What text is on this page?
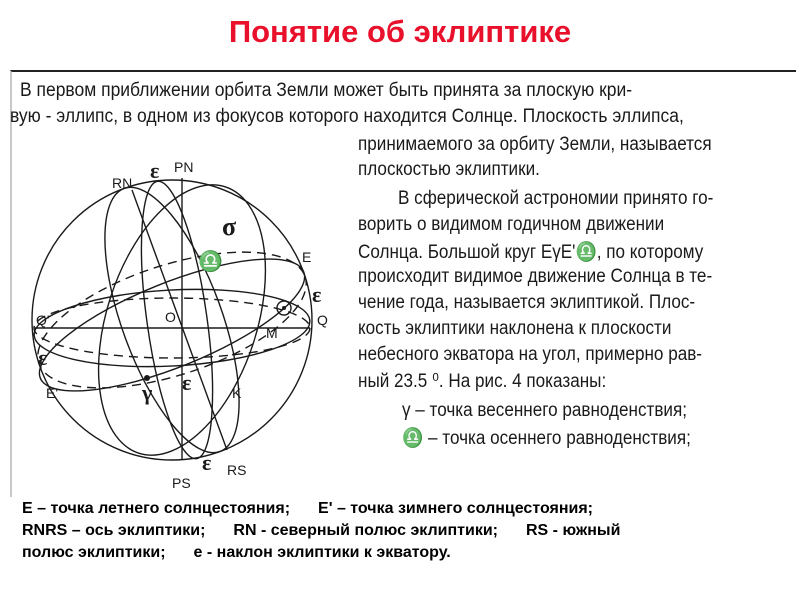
Понятие об эклиптике
В первом приближении орбита Земли может быть принята за плоскую кри-
вую - эллипс, в одном из фокусов которого находится Солнце. Плоскость эллипса,
принимаемого за орбиту Земли, называется
плоскостью эклиптики.
В сферической астрономии принято го-
ворить о видимом годичном движении
Солнца. Большой круг EγE'♎, по которому
происходит видимое движение Солнца в те-
чение года, называется эклиптикой. Плос-
кость эклиптики наклонена к плоскости
небесного экватора на угол, примерно рав-
ный 23.5 ⁰. На рис. 4 показаны:
γ – точка весеннего равноденствия;
♎ – точка осеннего равноденствия;
PN
RN
E
Q
Q'	O
M
K
E'
PS
RS
ε
σ
♎
ε
ε
γ ε
ε
E – точка летнего солнцестояния; E' – точка зимнего солнцестояния;
RNRS – ось эклиптики; RN - северный полюс эклиптики; RS - южный
полюс эклиптики; e - наклон эклиптики к экватору.
